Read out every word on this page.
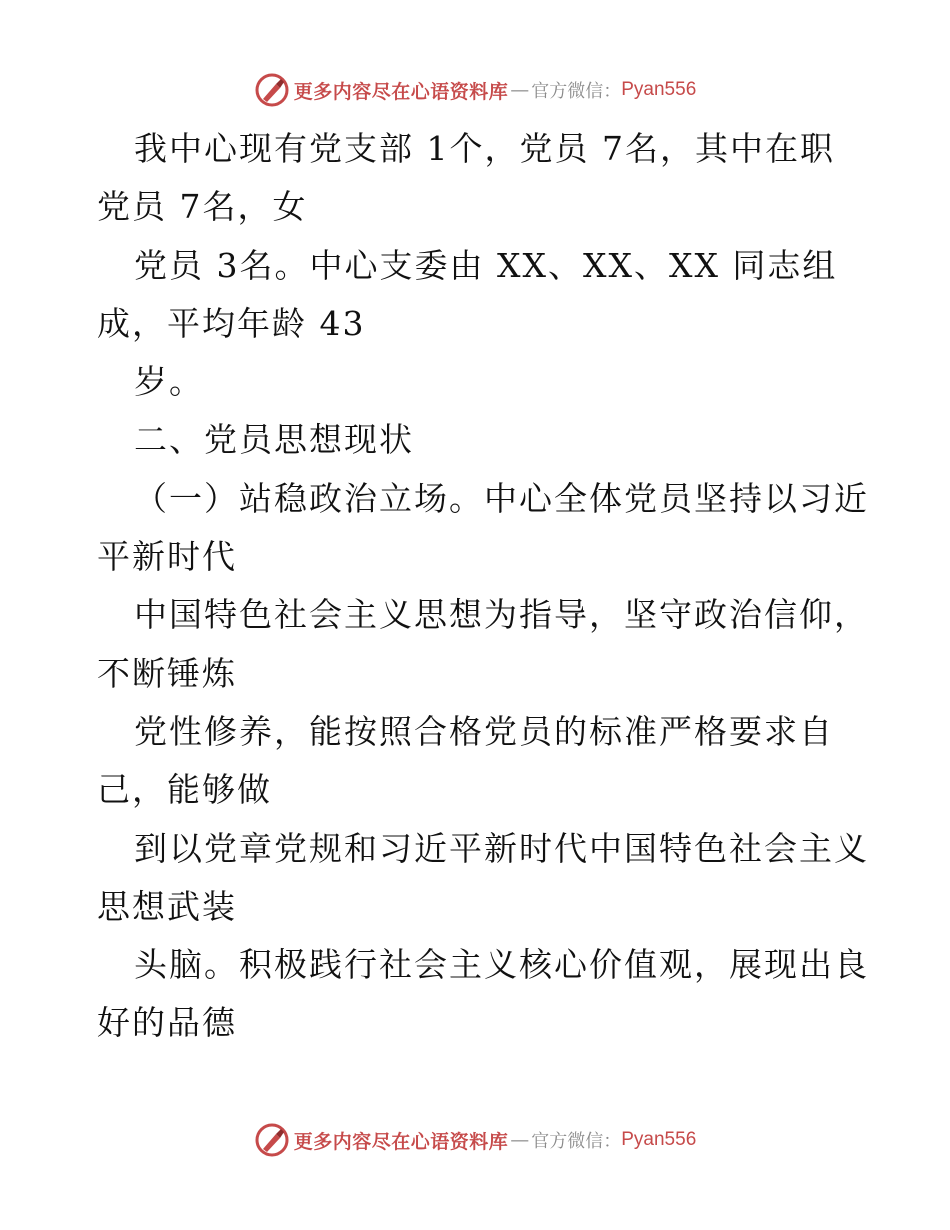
更多内容尽在心语资料库 — 官方微信： Pyan556
我中心现有党支部 1个，党员 7名，其中在职
党员 7名，女
党员 3名。中心支委由 XX、XX、XX 同志组
成，平均年龄 43
岁。
二、党员思想现状
（一）站稳政治立场。中心全体党员坚持以习近
平新时代
中国特色社会主义思想为指导，坚守政治信仰，
不断锤炼
党性修养，能按照合格党员的标准严格要求自
己，能够做
到以党章党规和习近平新时代中国特色社会主义
思想武装
头脑。积极践行社会主义核心价值观，展现出良
好的品德
更多内容尽在心语资料库 — 官方微信： Pyan556
